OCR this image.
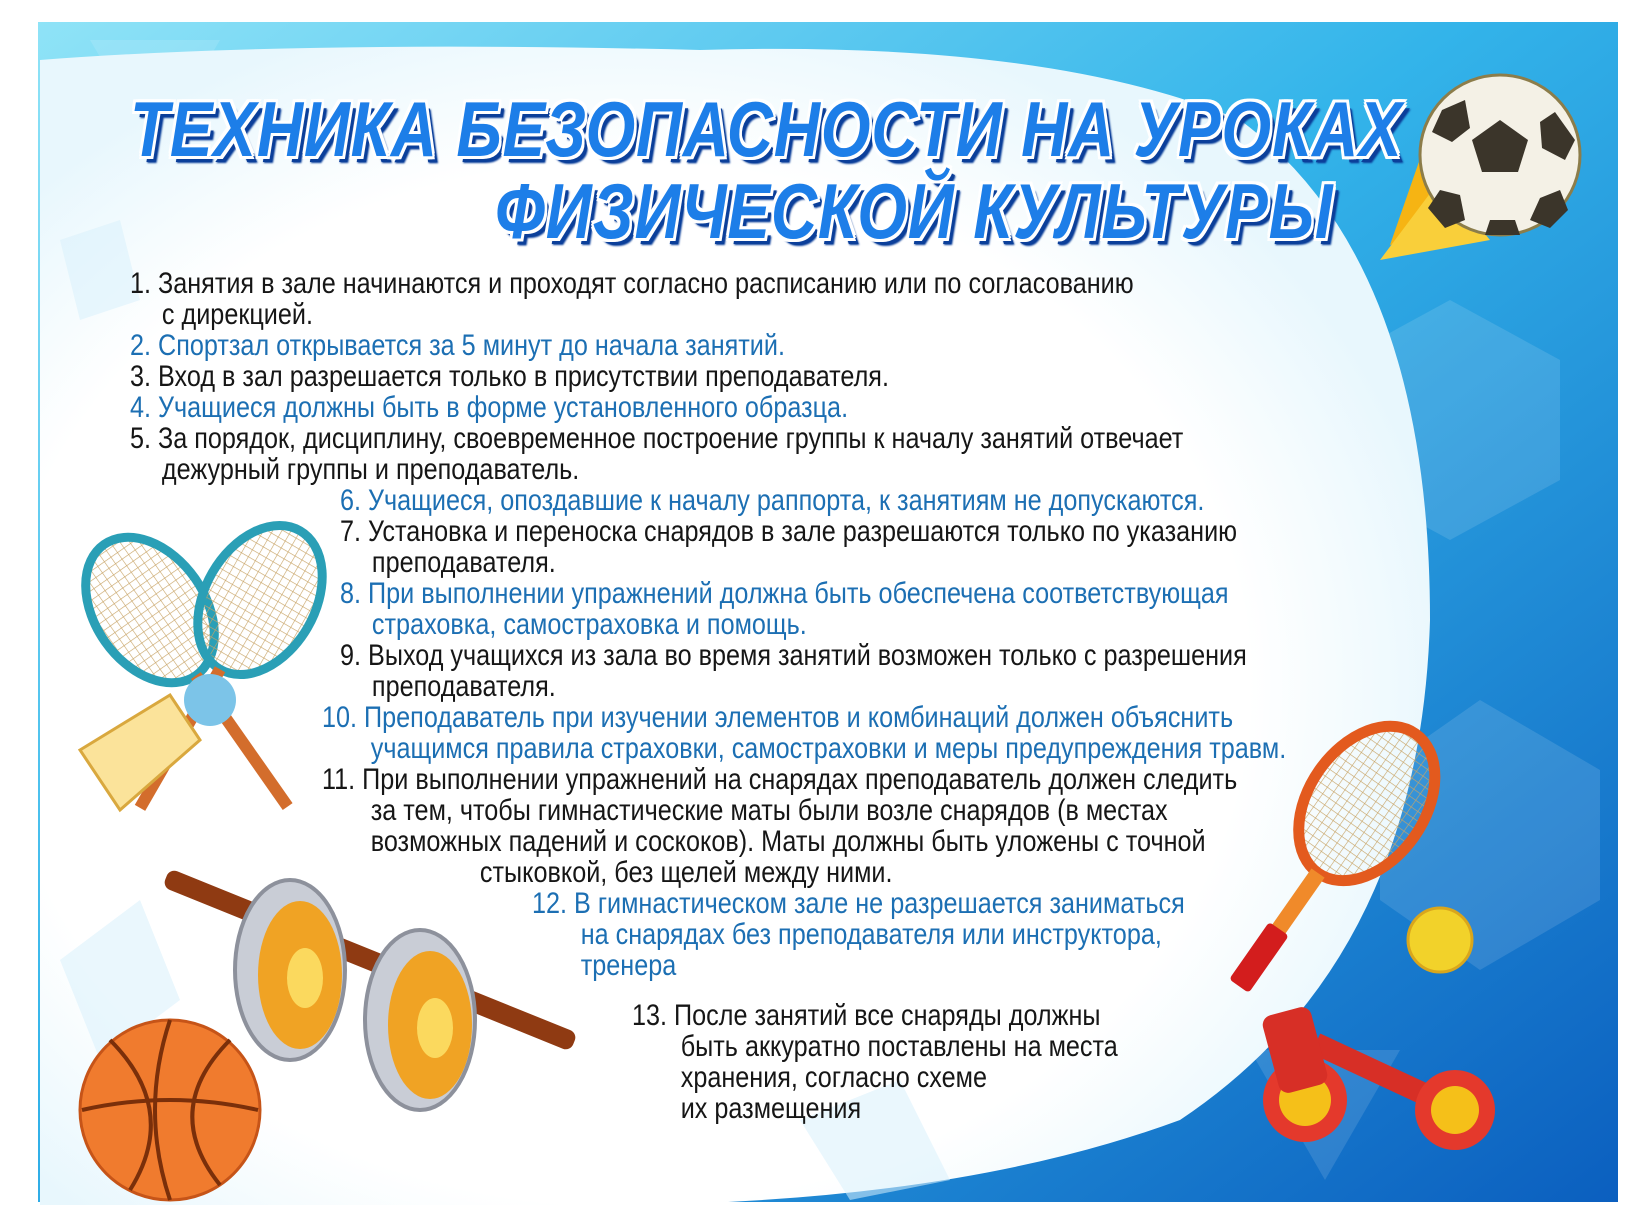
ТЕХНИКА БЕЗОПАСНОСТИ НА УРОКАХ
ФИЗИЧЕСКОЙ КУЛЬТУРЫ
1. Занятия в зале начинаются и проходят согласно расписанию или по согласованию
с дирекцией.
2. Спортзал открывается за 5 минут до начала занятий.
3. Вход в зал разрешается только в присутствии преподавателя.
4. Учащиеся должны быть в форме установленного образца.
5. За порядок, дисциплину, своевременное построение группы к началу занятий отвечает
дежурный группы и преподаватель.
6. Учащиеся, опоздавшие к началу раппорта, к занятиям не допускаются.
7. Установка и переноска снарядов в зале разрешаются только по указанию
преподавателя.
8. При выполнении упражнений должна быть обеспечена соответствующая
страховка, самостраховка и помощь.
9. Выход учащихся из зала во время занятий возможен только с разрешения
преподавателя.
10. Преподаватель при изучении элементов и комбинаций должен объяснить
учащимся правила страховки, самостраховки и меры предупреждения травм.
11. При выполнении упражнений на снарядах преподаватель должен следить
за тем, чтобы гимнастические маты были возле снарядов (в местах
возможных падений и соскоков). Маты должны быть уложены с точной
стыковкой, без щелей между ними.
12. В гимнастическом зале не разрешается заниматься
на снарядах без преподавателя или инструктора,
тренера
13. После занятий все снаряды должны
быть аккуратно поставлены на места
хранения, согласно схеме
их размещения
